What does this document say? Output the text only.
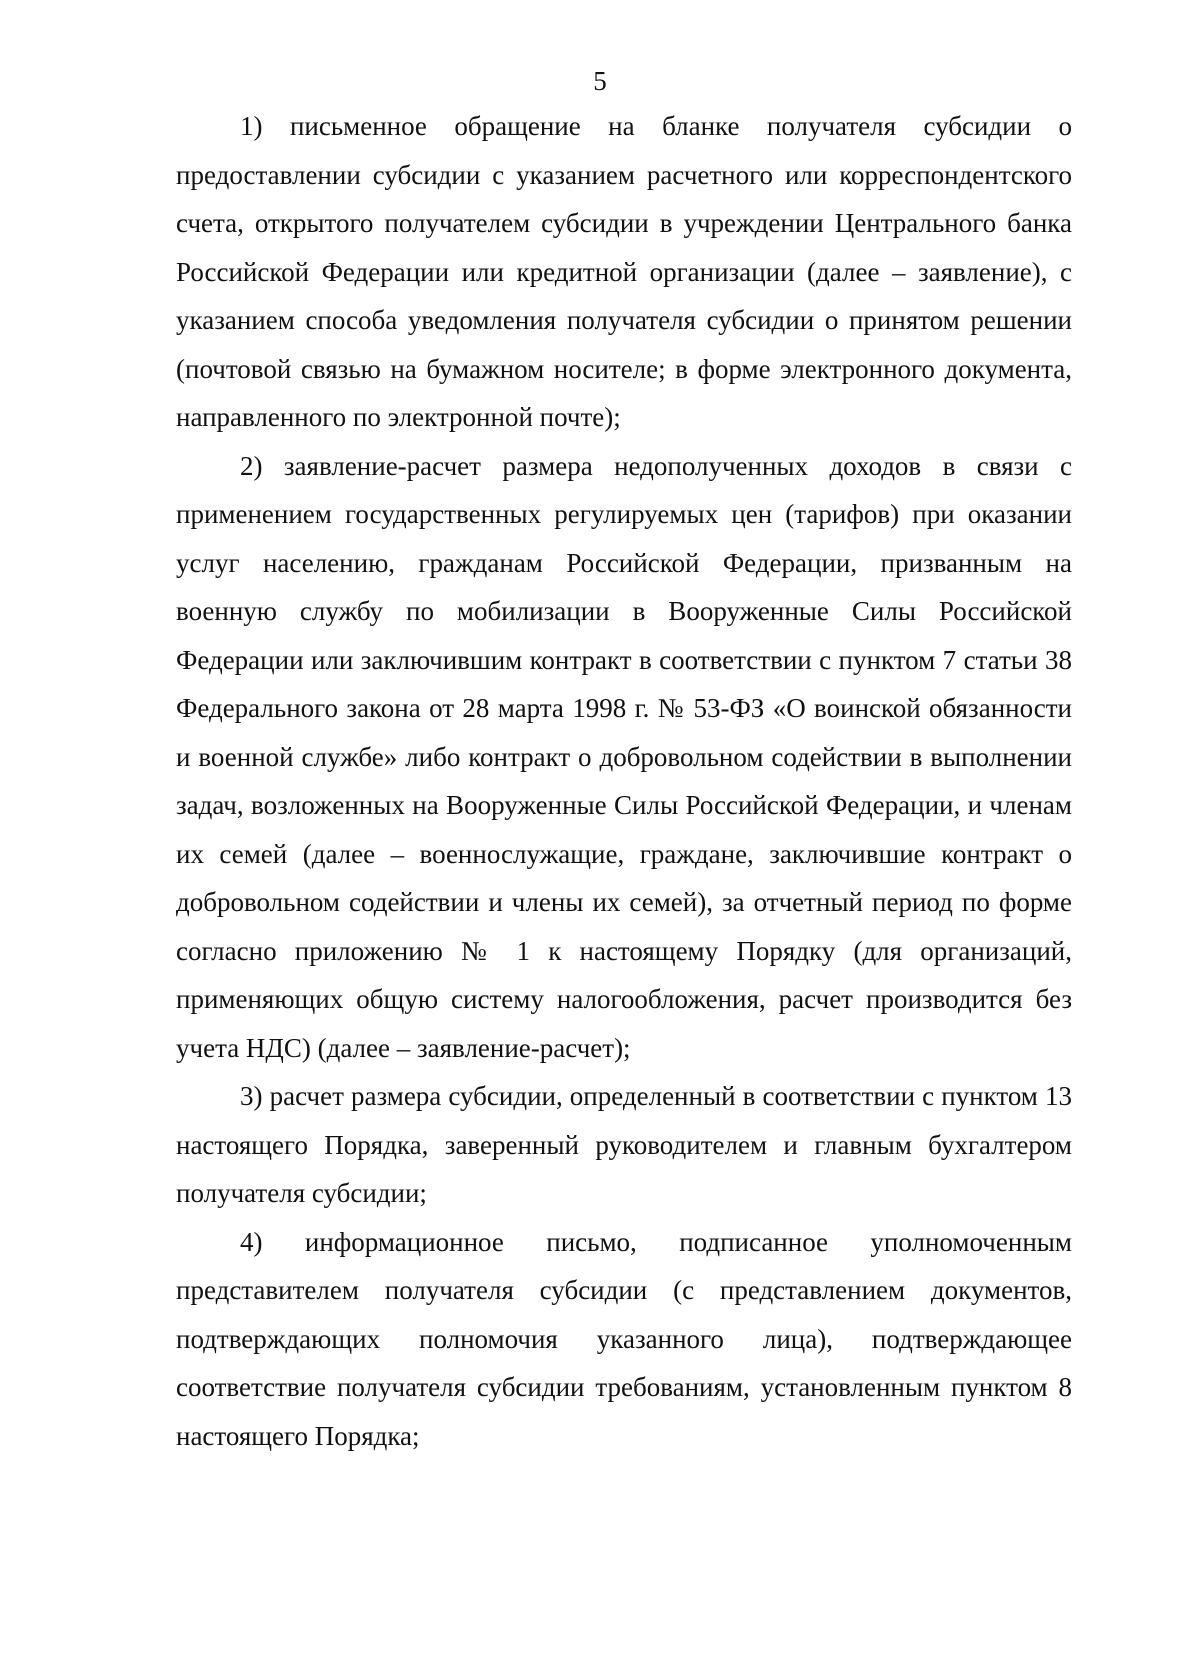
5

1) письменное обращение на бланке получателя субсидии о предоставлении субсидии с указанием расчетного или корреспондентского счета, открытого получателем субсидии в учреждении Центрального банка Российской Федерации или кредитной организации (далее – заявление), с указанием способа уведомления получателя субсидии о принятом решении (почтовой связью на бумажном носителе; в форме электронного документа, направленного по электронной почте);

2) заявление-расчет размера недополученных доходов в связи с применением государственных регулируемых цен (тарифов) при оказании услуг населению, гражданам Российской Федерации, призванным на военную службу по мобилизации в Вооруженные Силы Российской Федерации или заключившим контракт в соответствии с пунктом 7 статьи 38 Федерального закона от 28 марта 1998 г. № 53-ФЗ «О воинской обязанности и военной службе» либо контракт о добровольном содействии в выполнении задач, возложенных на Вооруженные Силы Российской Федерации, и членам их семей (далее – военнослужащие, граждане, заключившие контракт о добровольном содействии и члены их семей), за отчетный период по форме согласно приложению № 1 к настоящему Порядку (для организаций, применяющих общую систему налогообложения, расчет производится без учета НДС) (далее – заявление-расчет);

3) расчет размера субсидии, определенный в соответствии с пунктом 13 настоящего Порядка, заверенный руководителем и главным бухгалтером получателя субсидии;

4) информационное письмо, подписанное уполномоченным представителем получателя субсидии (с представлением документов, подтверждающих полномочия указанного лица), подтверждающее соответствие получателя субсидии требованиям, установленным пунктом 8 настоящего Порядка;
